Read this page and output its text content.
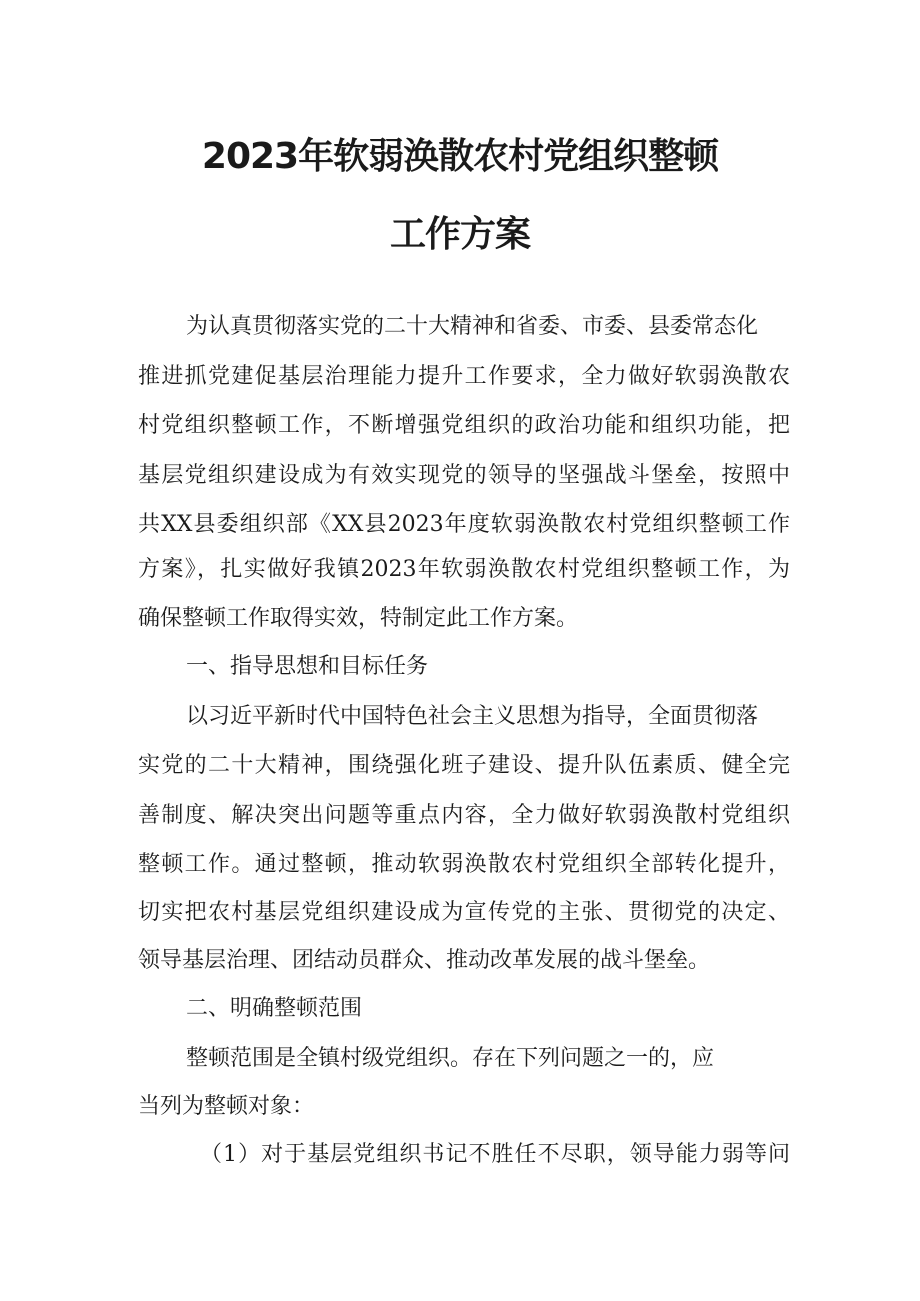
2023年软弱涣散农村党组织整顿
工作方案

为认真贯彻落实党的二十大精神和省委、市委、县委常态化

推进抓党建促基层治理能力提升工作要求，全力做好软弱涣散农

村党组织整顿工作，不断增强党组织的政治功能和组织功能，把

基层党组织建设成为有效实现党的领导的坚强战斗堡垒，按照中

共XX县委组织部《XX县2023年度软弱涣散农村党组织整顿工作

方案》，扎实做好我镇2023年软弱涣散农村党组织整顿工作，为

确保整顿工作取得实效，特制定此工作方案。

一、指导思想和目标任务

以习近平新时代中国特色社会主义思想为指导，全面贯彻落

实党的二十大精神，围绕强化班子建设、提升队伍素质、健全完

善制度、解决突出问题等重点内容，全力做好软弱涣散村党组织

整顿工作。通过整顿，推动软弱涣散农村党组织全部转化提升，

切实把农村基层党组织建设成为宣传党的主张、贯彻党的决定、

领导基层治理、团结动员群众、推动改革发展的战斗堡垒。

二、明确整顿范围

整顿范围是全镇村级党组织。存在下列问题之一的，应

当列为整顿对象：

（1）对于基层党组织书记不胜任不尽职，领导能力弱等问
